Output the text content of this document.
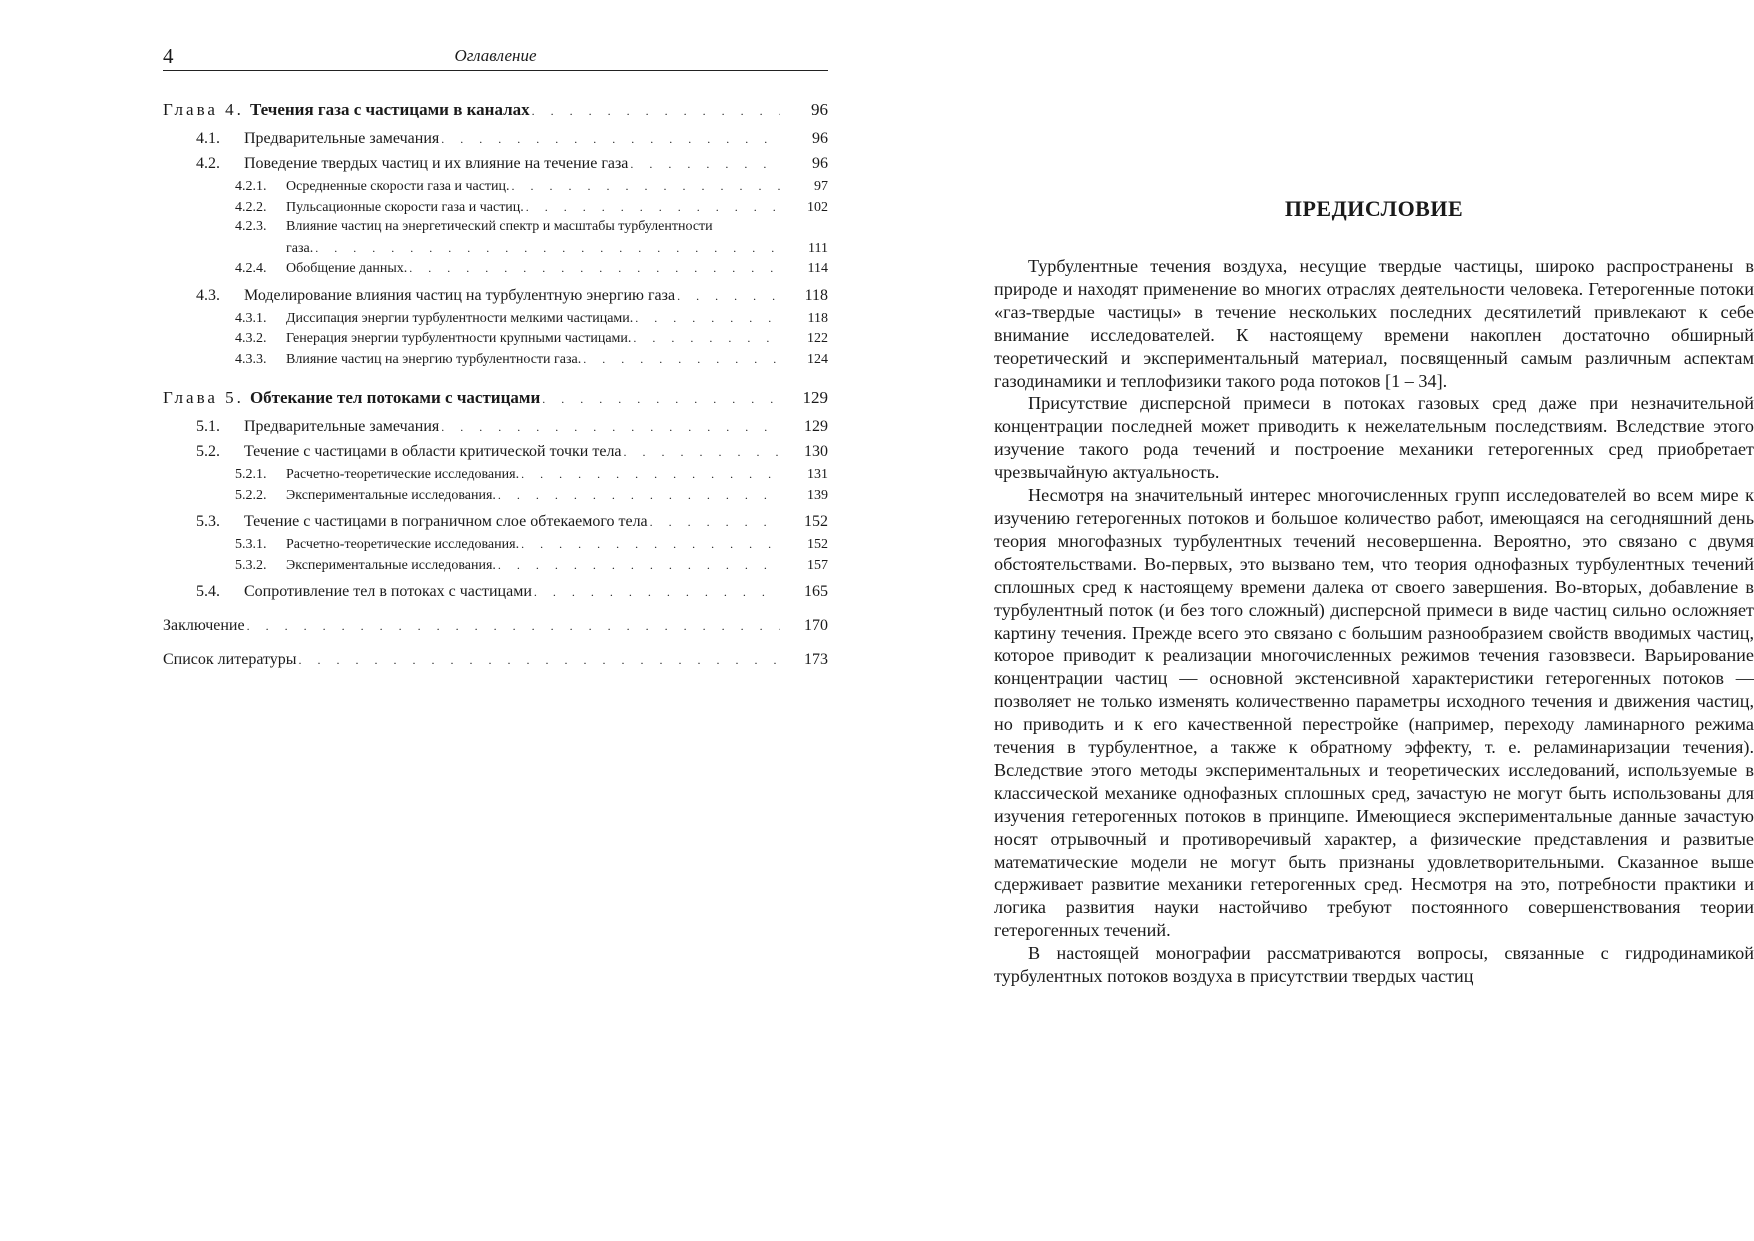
4	Оглавление
Глава 4. Течения газа с частицами в каналах . . .	96
4.1.	Предварительные замечания . . .	96
4.2.	Поведение твердых частиц и их влияние на течение газа . . .	96
4.2.1.	Осредненные скорости газа и частиц. . . .	97
4.2.2.	Пульсационные скорости газа и частиц. . . .	102
4.2.3.	Влияние частиц на энергетический спектр и масштабы турбулентности
газа. . . .	111
4.2.4.	Обобщение данных. . . .	114
4.3.	Моделирование влияния частиц на турбулентную энергию газа . . .	118
4.3.1.	Диссипация энергии турбулентности мелкими частицами. . . .	118
4.3.2.	Генерация энергии турбулентности крупными частицами. . . .	122
4.3.3.	Влияние частиц на энергию турбулентности газа. . . .	124
Глава 5. Обтекание тел потоками с частицами . . .	129
5.1.	Предварительные замечания . . .	129
5.2.	Течение с частицами в области критической точки тела . . .	130
5.2.1.	Расчетно-теоретические исследования. . . .	131
5.2.2.	Экспериментальные исследования. . . .	139
5.3.	Течение с частицами в пограничном слое обтекаемого тела . . .	152
5.3.1.	Расчетно-теоретические исследования. . . .	152
5.3.2.	Экспериментальные исследования. . . .	157
5.4.	Сопротивление тел в потоках с частицами . . .	165
Заключение . . .	170
Список литературы . . .	173
ПРЕДИСЛОВИЕ

Турбулентные течения воздуха, несущие твердые частицы, широко распространены в природе и находят применение во многих отраслях деятельности человека. Гетерогенные потоки «газ-твердые частицы» в течение нескольких последних десятилетий привлекают к себе внимание исследователей. К настоящему времени накоплен достаточно обширный теоретический и экспериментальный материал, посвященный самым различным аспектам газодинамики и теплофизики такого рода потоков [1 – 34].

Присутствие дисперсной примеси в потоках газовых сред даже при незначительной концентрации последней может приводить к нежелательным последствиям. Вследствие этого изучение такого рода течений и построение механики гетерогенных сред приобретает чрезвычайную актуальность.

Несмотря на значительный интерес многочисленных групп исследователей во всем мире к изучению гетерогенных потоков и большое количество работ, имеющаяся на сегодняшний день теория многофазных турбулентных течений несовершенна. Вероятно, это связано с двумя обстоятельствами. Во-первых, это вызвано тем, что теория однофазных турбулентных течений сплошных сред к настоящему времени далека от своего завершения. Во-вторых, добавление в турбулентный поток (и без того сложный) дисперсной примеси в виде частиц сильно осложняет картину течения. Прежде всего это связано с большим разнообразием свойств вводимых частиц, которое приводит к реализации многочисленных режимов течения газовзвеси. Варьирование концентрации частиц — основной экстенсивной характеристики гетерогенных потоков — позволяет не только изменять количественно параметры исходного течения и движения частиц, но приводить и к его качественной перестройке (например, переходу ламинарного режима течения в турбулентное, а также к обратному эффекту, т. е. реламинаризации течения). Вследствие этого методы экспериментальных и теоретических исследований, используемые в классической механике однофазных сплошных сред, зачастую не могут быть использованы для изучения гетерогенных потоков в принципе. Имеющиеся экспериментальные данные зачастую носят отрывочный и противоречивый характер, а физические представления и развитые математические модели не могут быть признаны удовлетворительными. Сказанное выше сдерживает развитие механики гетерогенных сред. Несмотря на это, потребности практики и логика развития науки настойчиво требуют постоянного совершенствования теории гетерогенных течений.

В настоящей монографии рассматриваются вопросы, связанные с гидродинамикой турбулентных потоков воздуха в присутствии твердых частиц
